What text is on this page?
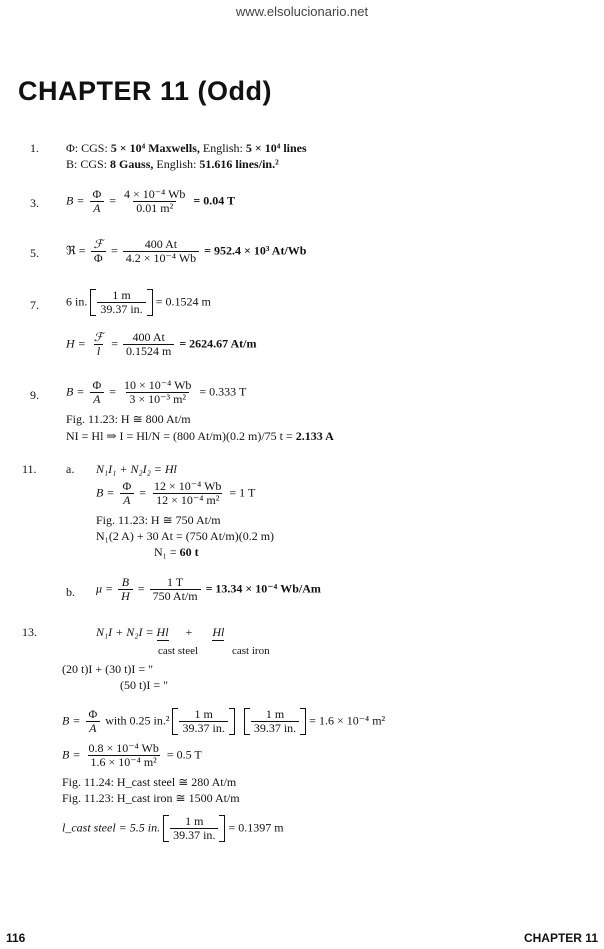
www.elsolucionario.net
CHAPTER 11 (Odd)
1. Φ: CGS: 5 × 10⁴ Maxwells, English: 5 × 10⁴ lines
B: CGS: 8 Gauss, English: 51.616 lines/in.²
3. $B = \frac{\Phi}{A} = \frac{\text{4 × 10⁻⁴ Wb}}{\text{0.01 m²}} = 0.04$ T
5. ℜ = $\frac{\text{ℱ}}{\Phi} = \frac{400 At}{\text{4.2 × 10⁻⁴ Wb}} = 952.4 \times 10^3$ At/Wb
7. 6 in. $\frac{1 m}{39.37 in.} = 0.1524$ m
$H = \frac{\text{ℱ}}{l} = \frac{400 At}{0.1524 m} = 2624.67$ At/m
9. $B = \frac{\Phi}{A} = \frac{\text{10 × 10⁻⁴ Wb}}{\text{3 × 10⁻³ m²}} = 0.333$ T
Fig. 11.23: H ≅ 800 At/m
NI = Hl ⇒ I = Hl/N = (800 At/m)(0.2 m)/75 t = 2.133 A
11. a. N₁I₁ + N₂I₂ = Hl
$B = \frac{\Phi}{A} = \frac{\text{12 × 10⁻⁴ Wb}}{\text{12 × 10⁻⁴ m²}} = 1$ T
Fig. 11.23: H ≅ 750 At/m
N₁(2 A) + 30 At = (750 At/m)(0.2 m)
N₁ = 60 t
b. $\mu = \frac{B}{H} = \frac{1 T}{750 At/m} = 13.34 \times 10^{-4}$ Wb/Am
13.	N₁I + N₂I = Hl + Hl
cast steel	cast iron
(20 t)I + (30 t)I = "
(50 t)I = "
$B = \frac{\Phi}{A}$ with 0.25 $in.^2 \frac{1 m}{39.37 in.}$
$\frac{1 m}{39.37 in.} = 1.6 \times 10^{-4}$ m²
$B = \frac{\text{0.8 × 10⁻⁴ Wb}}{\text{1.6 × 10⁻⁴ m²}} = 0.5$ T
Fig. 11.24: H_cast steel ≅ 280 At/m
Fig. 11.23: H_cast iron ≅ 1500 At/m
l_cast steel = 5.5 in. $\frac{1 m}{39.37 in.} = 0.1397$ m
116	CHAPTER 11
